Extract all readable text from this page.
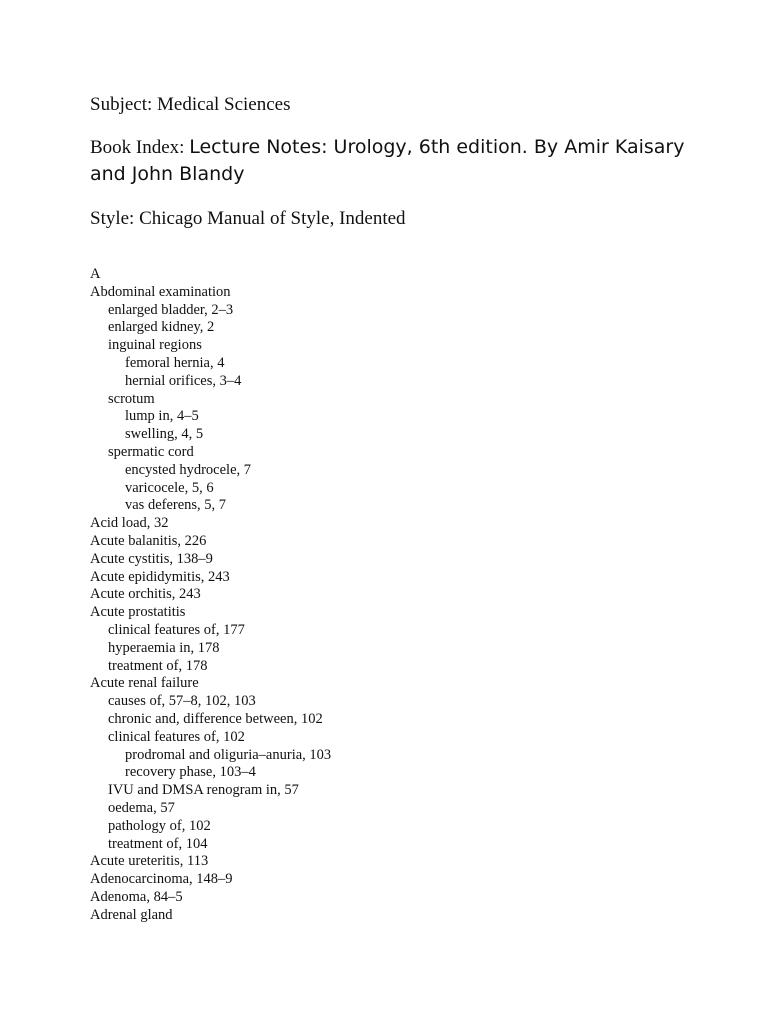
Subject: Medical Sciences
Book Index: Lecture Notes: Urology, 6th edition. By Amir Kaisary and John Blandy
Style: Chicago Manual of Style, Indented
A
Abdominal examination
enlarged bladder, 2–3
enlarged kidney, 2
inguinal regions
femoral hernia, 4
hernial orifices, 3–4
scrotum
lump in, 4–5
swelling, 4, 5
spermatic cord
encysted hydrocele, 7
varicocele, 5, 6
vas deferens, 5, 7
Acid load, 32
Acute balanitis, 226
Acute cystitis, 138–9
Acute epididymitis, 243
Acute orchitis, 243
Acute prostatitis
clinical features of, 177
hyperaemia in, 178
treatment of, 178
Acute renal failure
causes of, 57–8, 102, 103
chronic and, difference between, 102
clinical features of, 102
prodromal and oliguria–anuria, 103
recovery phase, 103–4
IVU and DMSA renogram in, 57
oedema, 57
pathology of, 102
treatment of, 104
Acute ureteritis, 113
Adenocarcinoma, 148–9
Adenoma, 84–5
Adrenal gland
